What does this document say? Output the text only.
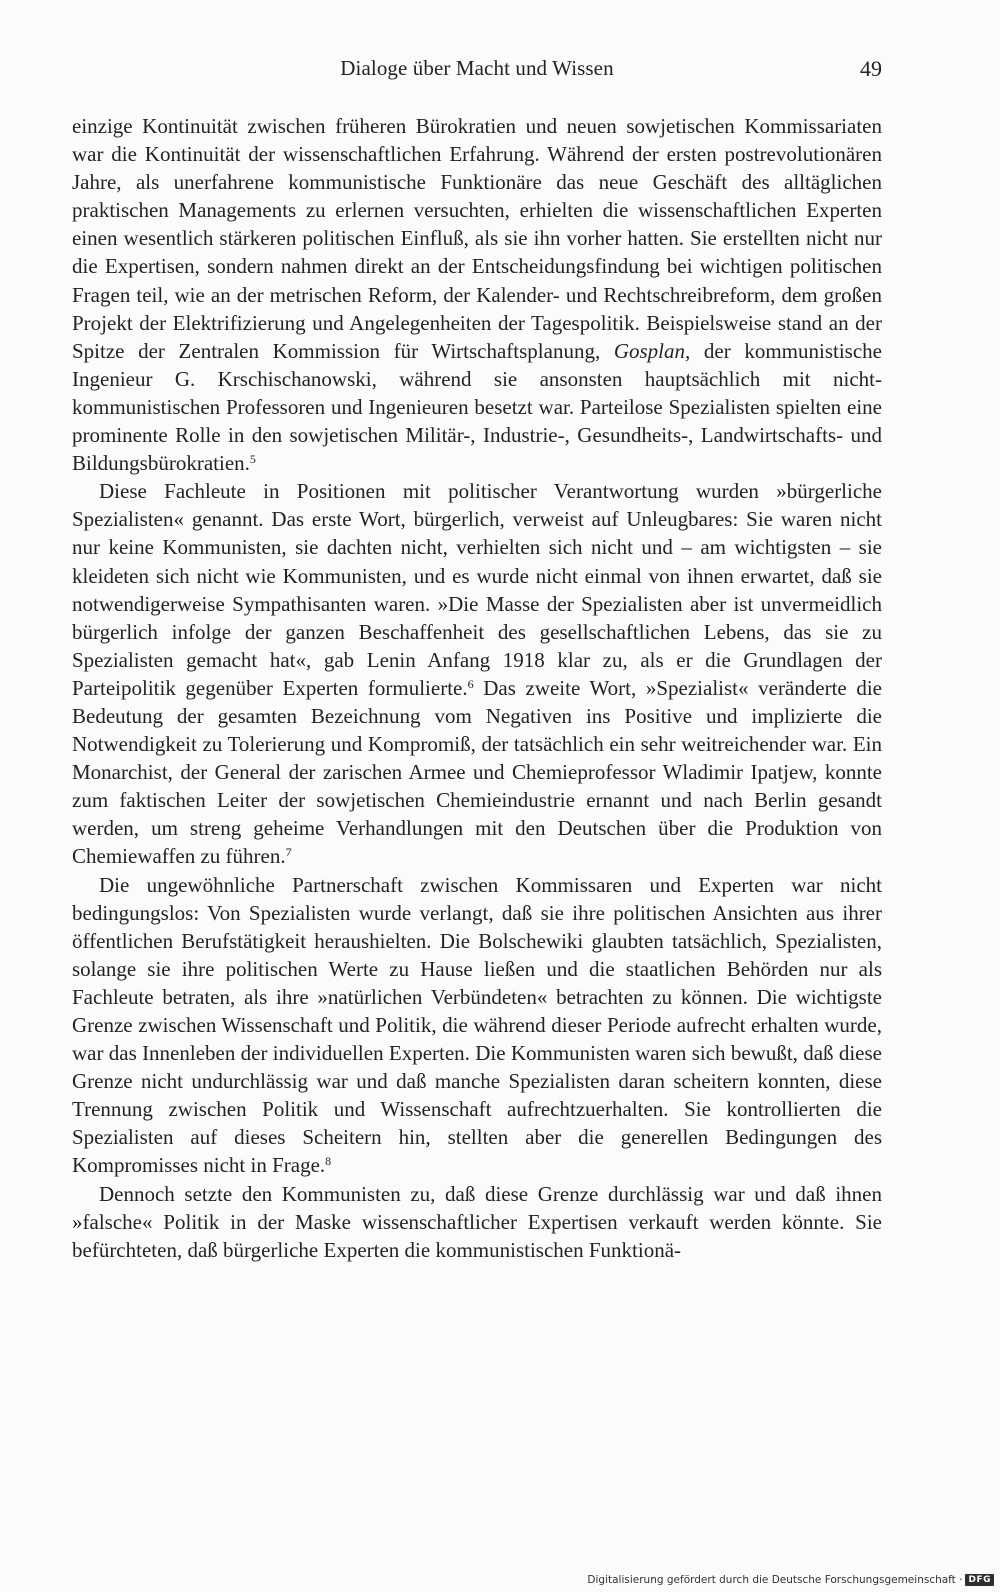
Dialoge über Macht und Wissen	49

einzige Kontinuität zwischen früheren Bürokratien und neuen sowjetischen Kommissariaten war die Kontinuität der wissenschaftlichen Erfahrung. Während der ersten postrevolutionären Jahre, als unerfahrene kommunistische Funktionäre das neue Geschäft des alltäglichen praktischen Managements zu erlernen versuchten, erhielten die wissenschaftlichen Experten einen wesentlich stärkeren politischen Einfluß, als sie ihn vorher hatten. Sie erstellten nicht nur die Expertisen, sondern nahmen direkt an der Entscheidungsfindung bei wichtigen politischen Fragen teil, wie an der metrischen Reform, der Kalender- und Rechtschreibreform, dem großen Projekt der Elektrifizierung und Angelegenheiten der Tagespolitik. Beispielsweise stand an der Spitze der Zentralen Kommission für Wirtschaftsplanung, Gosplan, der kommunistische Ingenieur G. Krschischanowski, während sie ansonsten hauptsächlich mit nicht-kommunistischen Professoren und Ingenieuren besetzt war. Parteilose Spezialisten spielten eine prominente Rolle in den sowjetischen Militär-, Industrie-, Gesundheits-, Landwirtschafts- und Bildungsbürokratien.$^5$

Diese Fachleute in Positionen mit politischer Verantwortung wurden »bürgerliche Spezialisten« genannt. Das erste Wort, bürgerlich, verweist auf Unleugbares: Sie waren nicht nur keine Kommunisten, sie dachten nicht, verhielten sich nicht und – am wichtigsten – sie kleideten sich nicht wie Kommunisten, und es wurde nicht einmal von ihnen erwartet, daß sie notwendigerweise Sympathisanten waren. »Die Masse der Spezialisten aber ist unvermeidlich bürgerlich infolge der ganzen Beschaffenheit des gesellschaftlichen Lebens, das sie zu Spezialisten gemacht hat«, gab Lenin Anfang 1918 klar zu, als er die Grundlagen der Parteipolitik gegenüber Experten formulierte.$^6$ Das zweite Wort, »Spezialist« veränderte die Bedeutung der gesamten Bezeichnung vom Negativen ins Positive und implizierte die Notwendigkeit zu Tolerierung und Kompromiß, der tatsächlich ein sehr weitreichender war. Ein Monarchist, der General der zarischen Armee und Chemieprofessor Wladimir Ipatjew, konnte zum faktischen Leiter der sowjetischen Chemieindustrie ernannt und nach Berlin gesandt werden, um streng geheime Verhandlungen mit den Deutschen über die Produktion von Chemiewaffen zu führen.$^7$

Die ungewöhnliche Partnerschaft zwischen Kommissaren und Experten war nicht bedingungslos: Von Spezialisten wurde verlangt, daß sie ihre politischen Ansichten aus ihrer öffentlichen Berufstätigkeit heraushielten. Die Bolschewiki glaubten tatsächlich, Spezialisten, solange sie ihre politischen Werte zu Hause ließen und die staatlichen Behörden nur als Fachleute betraten, als ihre »natürlichen Verbündeten« betrachten zu können. Die wichtigste Grenze zwischen Wissenschaft und Politik, die während dieser Periode aufrecht erhalten wurde, war das Innenleben der individuellen Experten. Die Kommunisten waren sich bewußt, daß diese Grenze nicht undurchlässig war und daß manche Spezialisten daran scheitern konnten, diese Trennung zwischen Politik und Wissenschaft aufrechtzuerhalten. Sie kontrollierten die Spezialisten auf dieses Scheitern hin, stellten aber die generellen Bedingungen des Kompromisses nicht in Frage.$^8$

Dennoch setzte den Kommunisten zu, daß diese Grenze durchlässig war und daß ihnen »falsche« Politik in der Maske wissenschaftlicher Expertisen verkauft werden könnte. Sie befürchteten, daß bürgerliche Experten die kommunistischen Funktionä-

Digitalisierung gefördert durch die Deutsche Forschungsgemeinschaft · DFG
